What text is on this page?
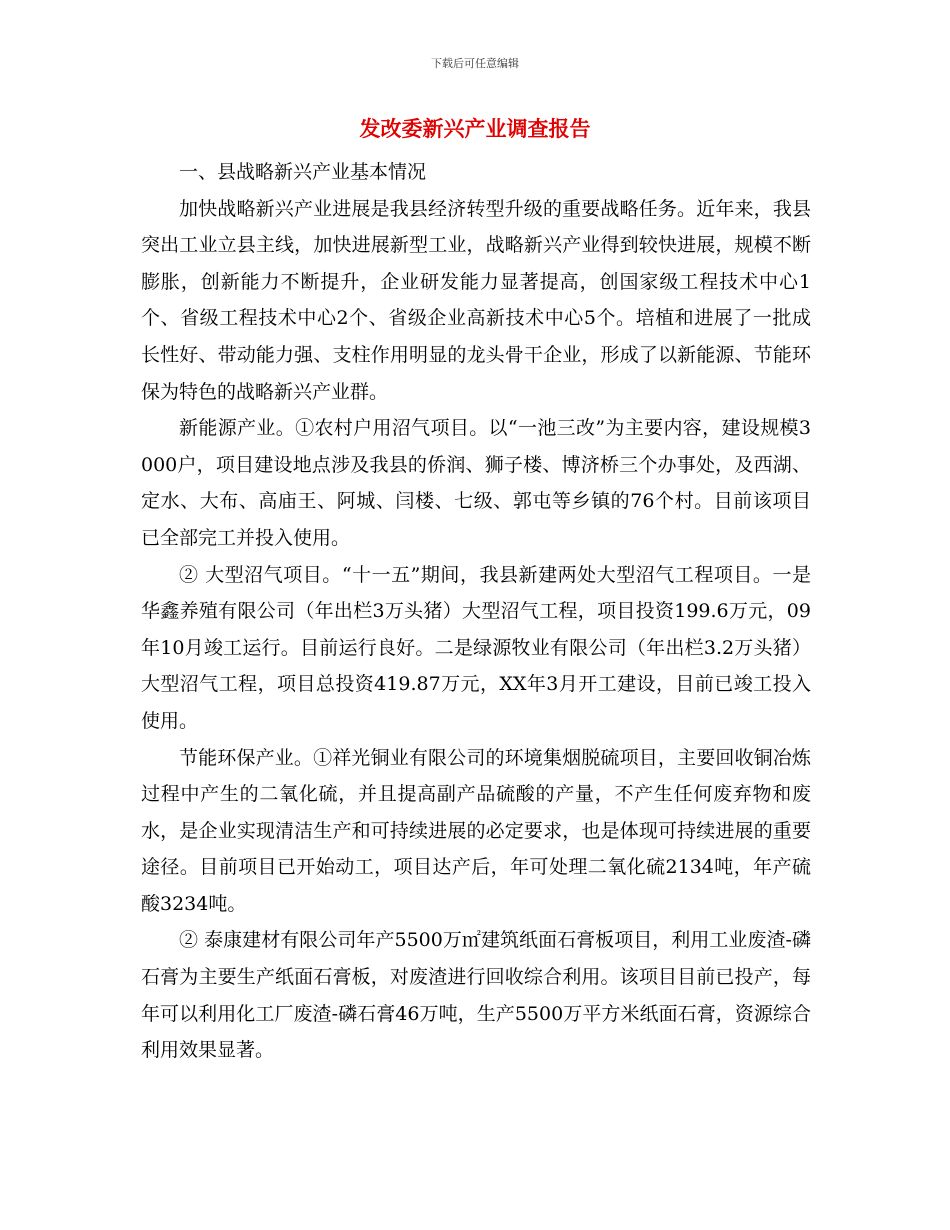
下载后可任意编辑
发改委新兴产业调查报告

一、县战略新兴产业基本情况

加快战略新兴产业进展是我县经济转型升级的重要战略任务。近年来，我县突出工业立县主线，加快进展新型工业，战略新兴产业得到较快进展，规模不断膨胀，创新能力不断提升，企业研发能力显著提高，创国家级工程技术中心1个、省级工程技术中心2个、省级企业高新技术中心5个。培植和进展了一批成长性好、带动能力强、支柱作用明显的龙头骨干企业，形成了以新能源、节能环保为特色的战略新兴产业群。

新能源产业。①农村户用沼气项目。以“一池三改”为主要内容，建设规模3000户，项目建设地点涉及我县的侨润、狮子楼、博济桥三个办事处，及西湖、定水、大布、高庙王、阿城、闫楼、七级、郭屯等乡镇的76个村。目前该项目已全部完工并投入使用。

② 大型沼气项目。“十一五”期间，我县新建两处大型沼气工程项目。一是华鑫养殖有限公司（年出栏3万头猪）大型沼气工程，项目投资199.6万元，09年10月竣工运行。目前运行良好。二是绿源牧业有限公司（年出栏3.2万头猪）大型沼气工程，项目总投资419.87万元，XX年3月开工建设，目前已竣工投入使用。

节能环保产业。①祥光铜业有限公司的环境集烟脱硫项目，主要回收铜冶炼过程中产生的二氧化硫，并且提高副产品硫酸的产量，不产生任何废弃物和废水，是企业实现清洁生产和可持续进展的必定要求，也是体现可持续进展的重要途径。目前项目已开始动工，项目达产后，年可处理二氧化硫2134吨，年产硫酸3234吨。

② 泰康建材有限公司年产5500万㎡建筑纸面石膏板项目，利用工业废渣-磷石膏为主要生产纸面石膏板，对废渣进行回收综合利用。该项目目前已投产，每年可以利用化工厂废渣-磷石膏46万吨，生产5500万平方米纸面石膏，资源综合利用效果显著。
